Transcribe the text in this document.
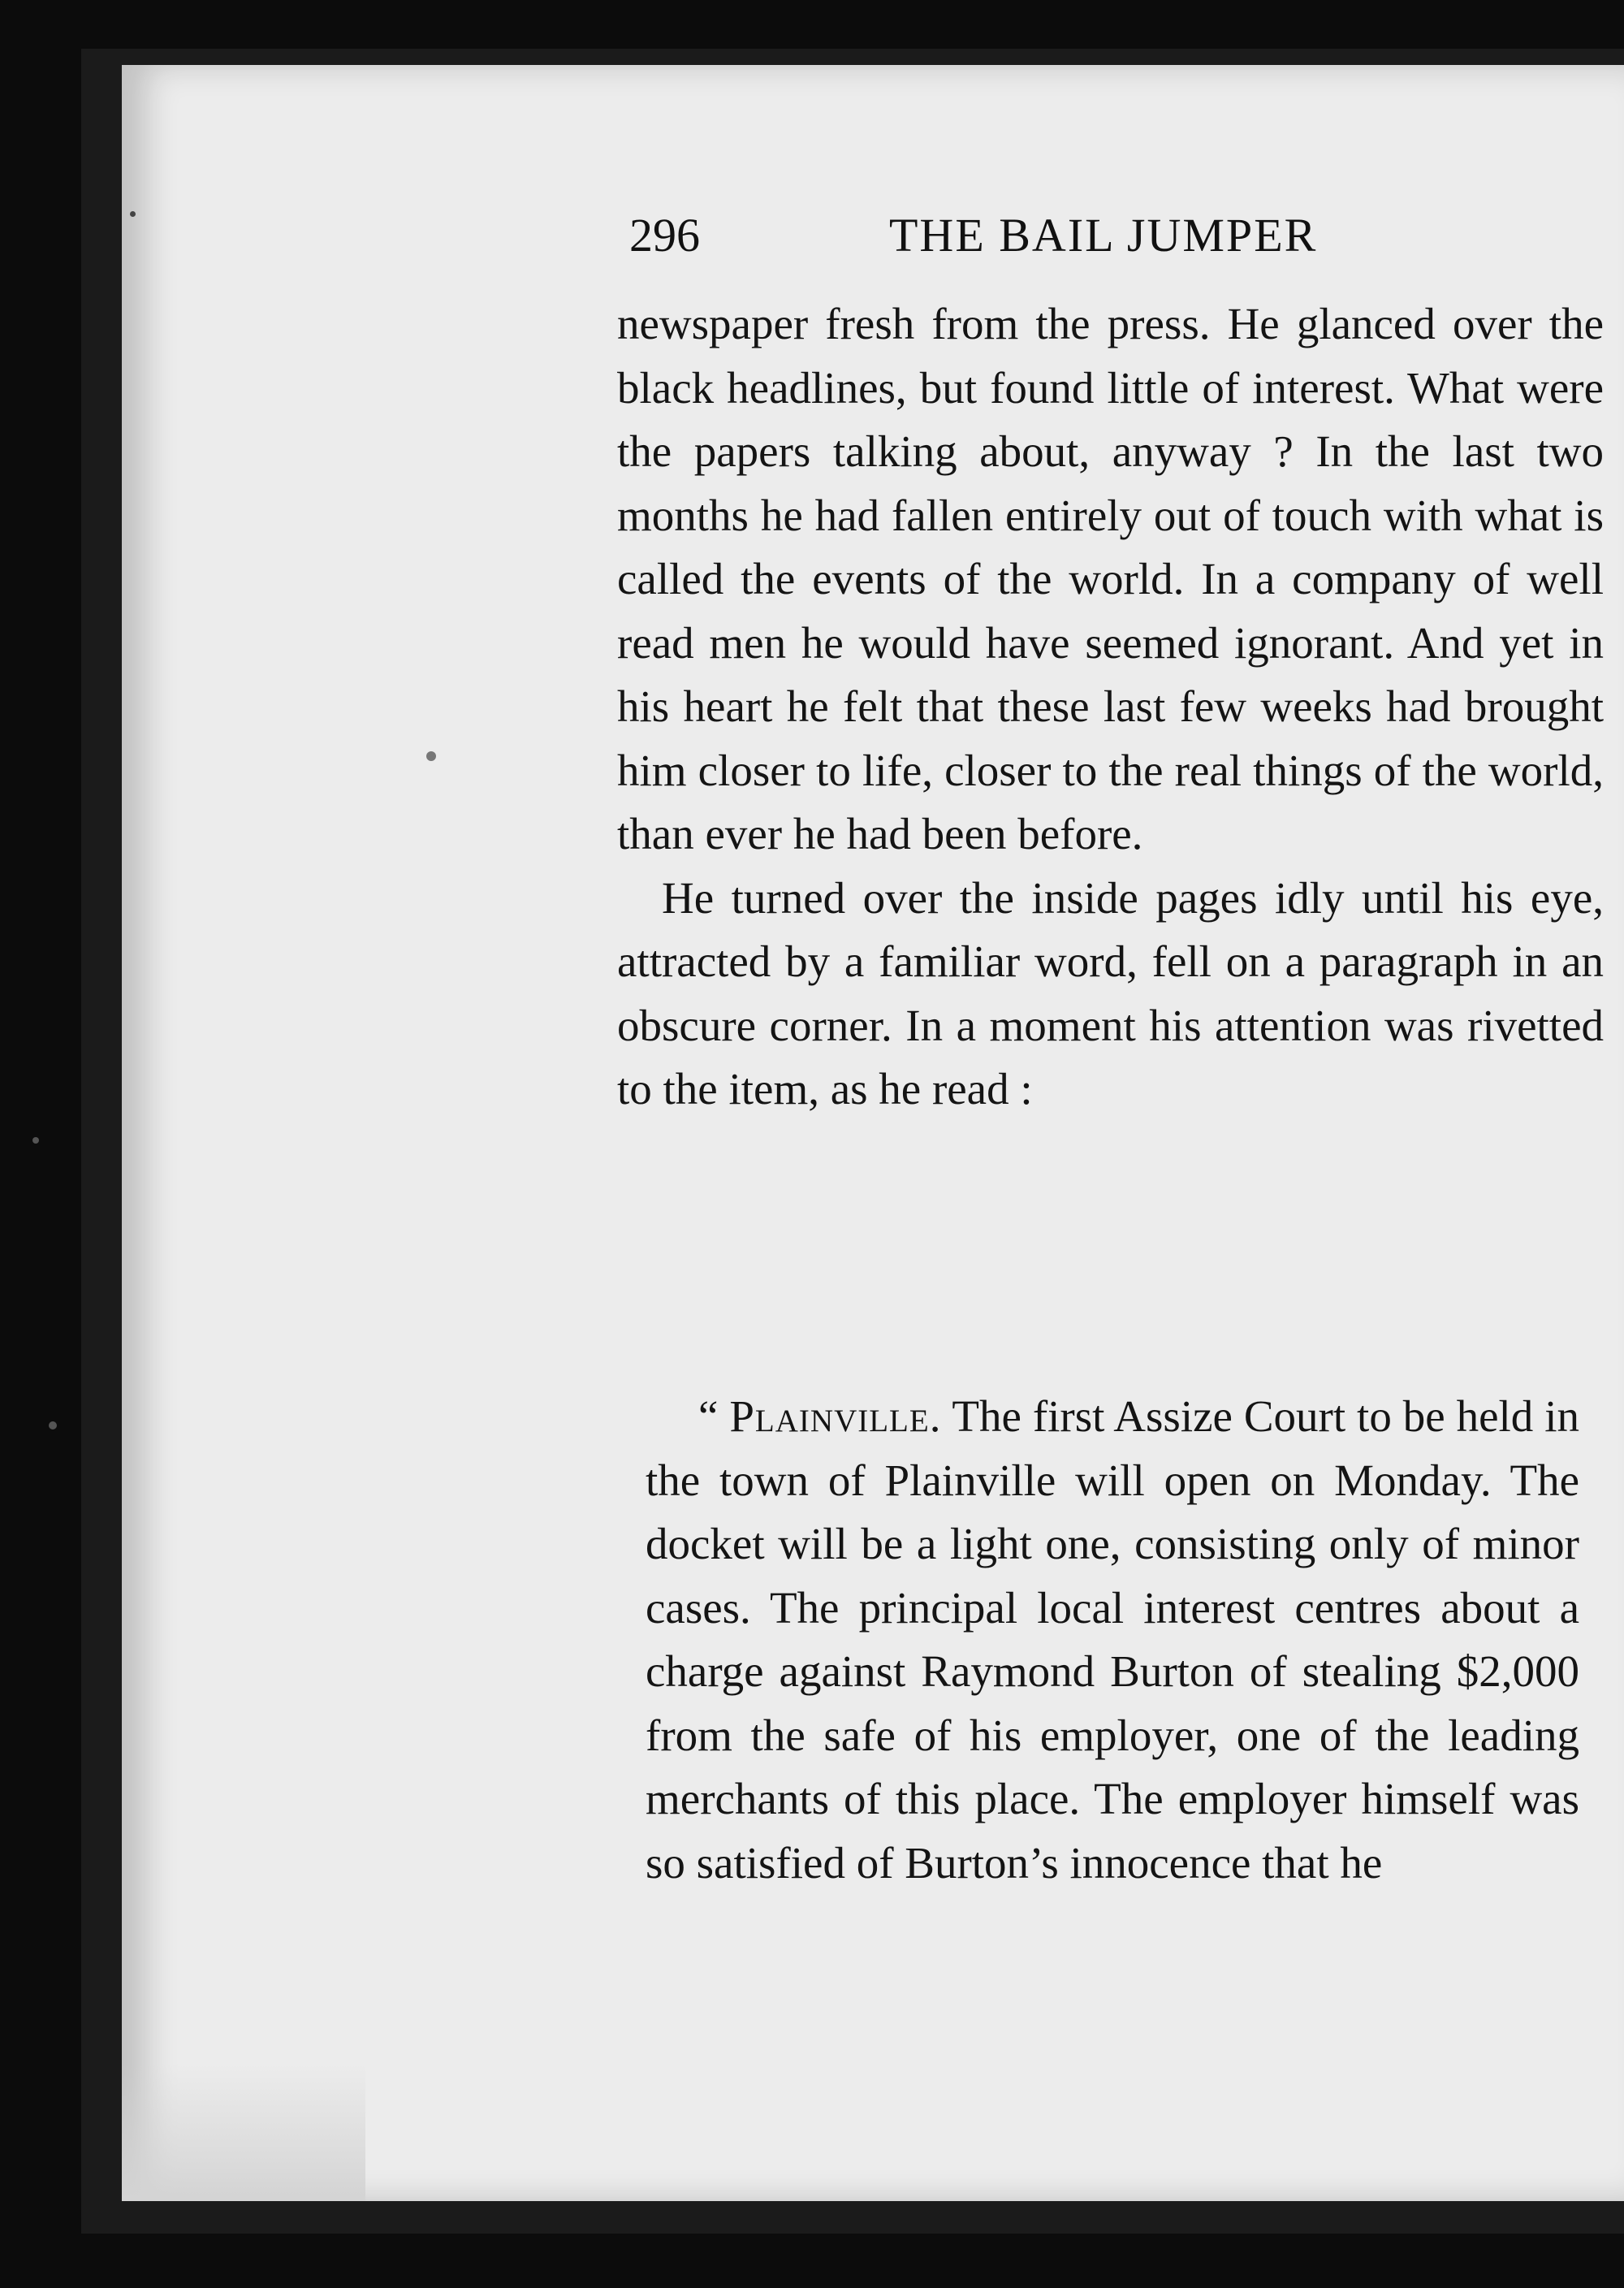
296	THE BAIL JUMPER

newspaper fresh from the press. He glanced over the black headlines, but found little of interest. What were the papers talking about, anyway ? In the last two months he had fallen entirely out of touch with what is called the events of the world. In a company of well read men he would have seemed ignorant. And yet in his heart he felt that these last few weeks had brought him closer to life, closer to the real things of the world, than ever he had been before.

He turned over the inside pages idly until his eye, attracted by a familiar word, fell on a paragraph in an obscure corner. In a moment his attention was rivetted to the item, as he read :

“ Plainville. The first Assize Court to be held in the town of Plainville will open on Monday. The docket will be a light one, consisting only of minor cases. The principal local interest centres about a charge against Raymond Burton of stealing $2,000 from the safe of his employer, one of the leading merchants of this place. The employer himself was so satisfied of Burton’s innocence that he
